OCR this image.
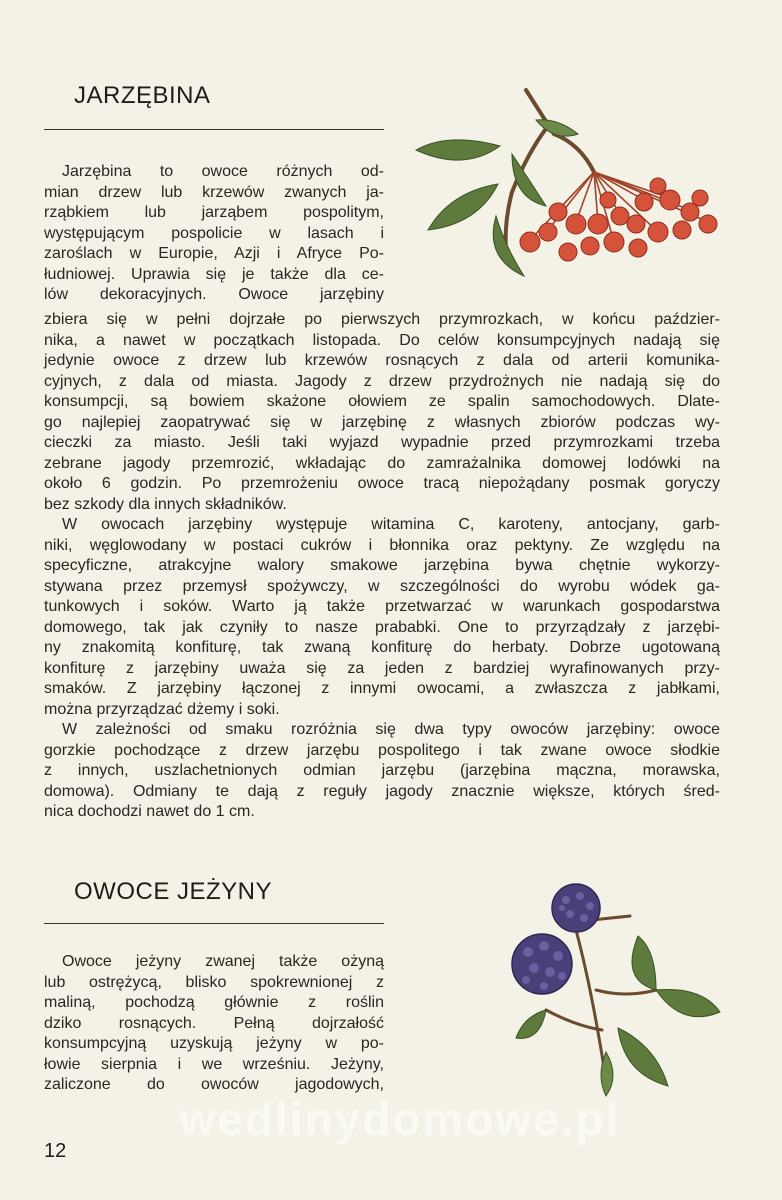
JARZĘBINA
Jarzębina to owoce różnych od-
mian drzew lub krzewów zwanych ja-
rząbkiem lub jarząbem pospolitym,
występującym pospolicie w lasach i
zaroślach w Europie, Azji i Afryce Po-
łudniowej. Uprawia się je także dla ce-
lów dekoracyjnych. Owoce jarzębiny
zbiera się w pełni dojrzałe po pierwszych przymrozkach, w końcu paździer-
nika, a nawet w początkach listopada. Do celów konsumpcyjnych nadają się
jedynie owoce z drzew lub krzewów rosnących z dala od arterii komunika-
cyjnych, z dala od miasta. Jagody z drzew przydrożnych nie nadają się do
konsumpcji, są bowiem skażone ołowiem ze spalin samochodowych. Dlate-
go najlepiej zaopatrywać się w jarzębinę z własnych zbiorów podczas wy-
cieczki za miasto. Jeśli taki wyjazd wypadnie przed przymrozkami trzeba
zebrane jagody przemrozić, wkładając do zamrażalnika domowej lodówki na
około 6 godzin. Po przemrożeniu owoce tracą niepożądany posmak goryczy
bez szkody dla innych składników.
W owocach jarzębiny występuje witamina C, karoteny, antocjany, garb-
niki, węglowodany w postaci cukrów i błonnika oraz pektyny. Ze względu na
specyficzne, atrakcyjne walory smakowe jarzębina bywa chętnie wykorzy-
stywana przez przemysł spożywczy, w szczególności do wyrobu wódek ga-
tunkowych i soków. Warto ją także przetwarzać w warunkach gospodarstwa
domowego, tak jak czyniły to nasze prababki. One to przyrządzały z jarzębi-
ny znakomitą konfiturę, tak zwaną konfiturę do herbaty. Dobrze ugotowaną
konfiturę z jarzębiny uważa się za jeden z bardziej wyrafinowanych przy-
smaków. Z jarzębiny łączonej z innymi owocami, a zwłaszcza z jabłkami,
można przyrządzać dżemy i soki.
W zależności od smaku rozróżnia się dwa typy owoców jarzębiny: owoce
gorzkie pochodzące z drzew jarzębu pospolitego i tak zwane owoce słodkie
z innych, uszlachetnionych odmian jarzębu (jarzębina mączna, morawska,
domowa). Odmiany te dają z reguły jagody znacznie większe, których śred-
nica dochodzi nawet do 1 cm.
OWOCE JEŻYNY
Owoce jeżyny zwanej także ożyną
lub ostrężycą, blisko spokrewnionej z
maliną, pochodzą głównie z roślin
dziko rosnących. Pełną dojrzałość
konsumpcyjną uzyskują jeżyny w po-
łowie sierpnia i we wrześniu. Jeżyny,
zaliczone do owoców jagodowych,
wedlinydomowe.pl
12
